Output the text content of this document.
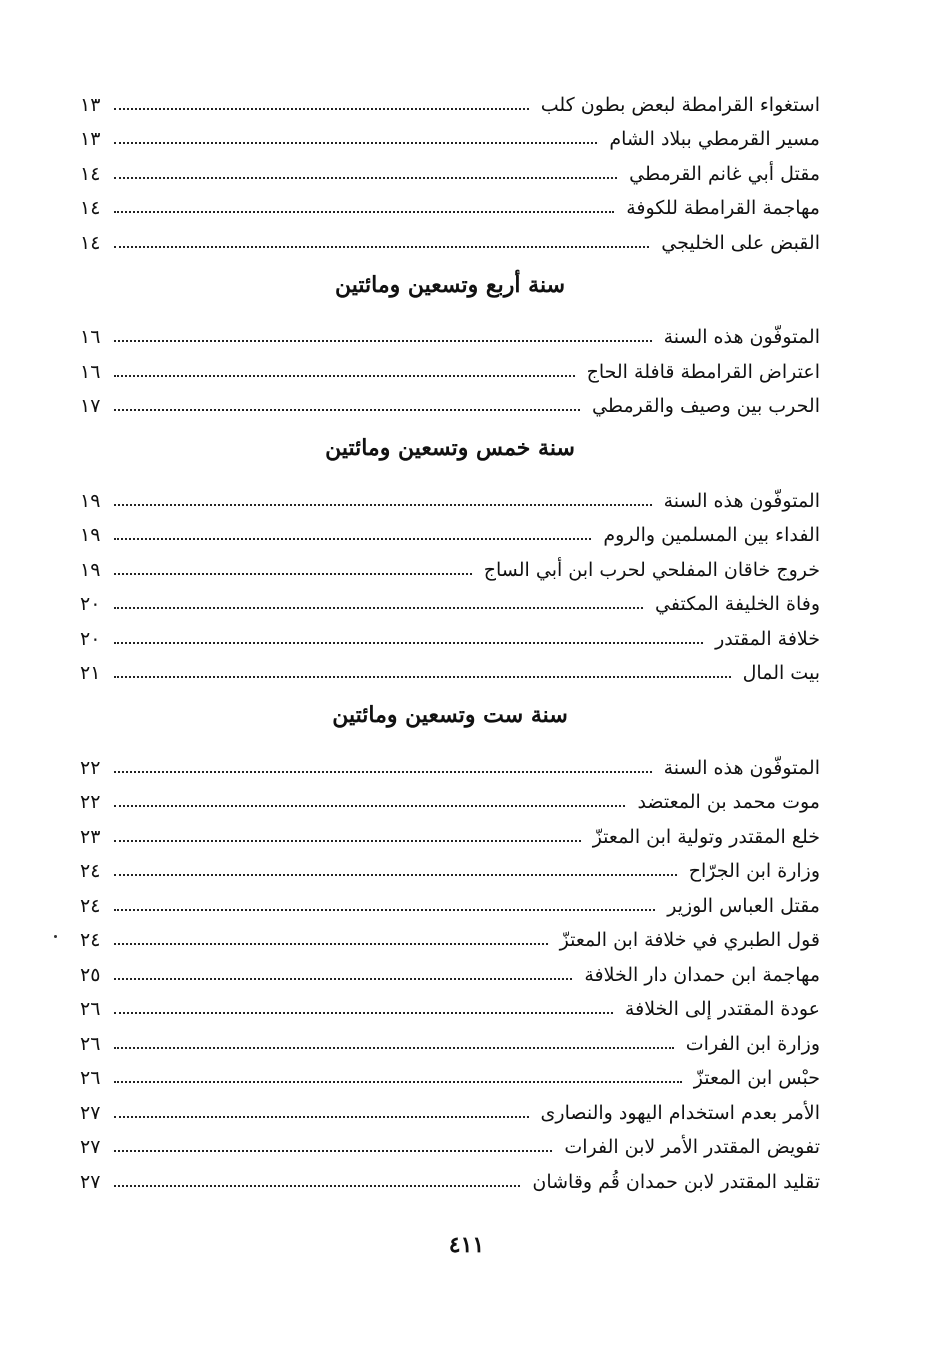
استغواء القرامطة لبعض بطون كلب
١٣
مسير القرمطي ببلاد الشام
١٣
مقتل أبي غانم القرمطي
١٤
مهاجمة القرامطة للكوفة
١٤
القبض على الخليجي
١٤
سنة أربع وتسعين ومائتين
المتوفّون هذه السنة
١٦
اعتراض القرامطة قافلة الحاج
١٦
الحرب بين وصيف والقرمطي
١٧
سنة خمس وتسعين ومائتين
المتوفّون هذه السنة
١٩
الفداء بين المسلمين والروم
١٩
خروج خاقان المفلحي لحرب ابن أبي الساج
١٩
وفاة الخليفة المكتفي
٢٠
خلافة المقتدر
٢٠
بيت المال
٢١
سنة ست وتسعين ومائتين
المتوفّون هذه السنة
٢٢
موت محمد بن المعتضد
٢٢
خلع المقتدر وتولية ابن المعتزّ
٢٣
وزارة ابن الجرّاح
٢٤
مقتل العباس الوزير
٢٤
قول الطبري في خلافة ابن المعتزّ
٢٤
مهاجمة ابن حمدان دار الخلافة
٢٥
عودة المقتدر إلى الخلافة
٢٦
وزارة ابن الفرات
٢٦
حبْس ابن المعتزّ
٢٦
الأمر بعدم استخدام اليهود والنصارى
٢٧
تفويض المقتدر الأمر لابن الفرات
٢٧
تقليد المقتدر لابن حمدان قُم وقاشان
٢٧
٤١١
